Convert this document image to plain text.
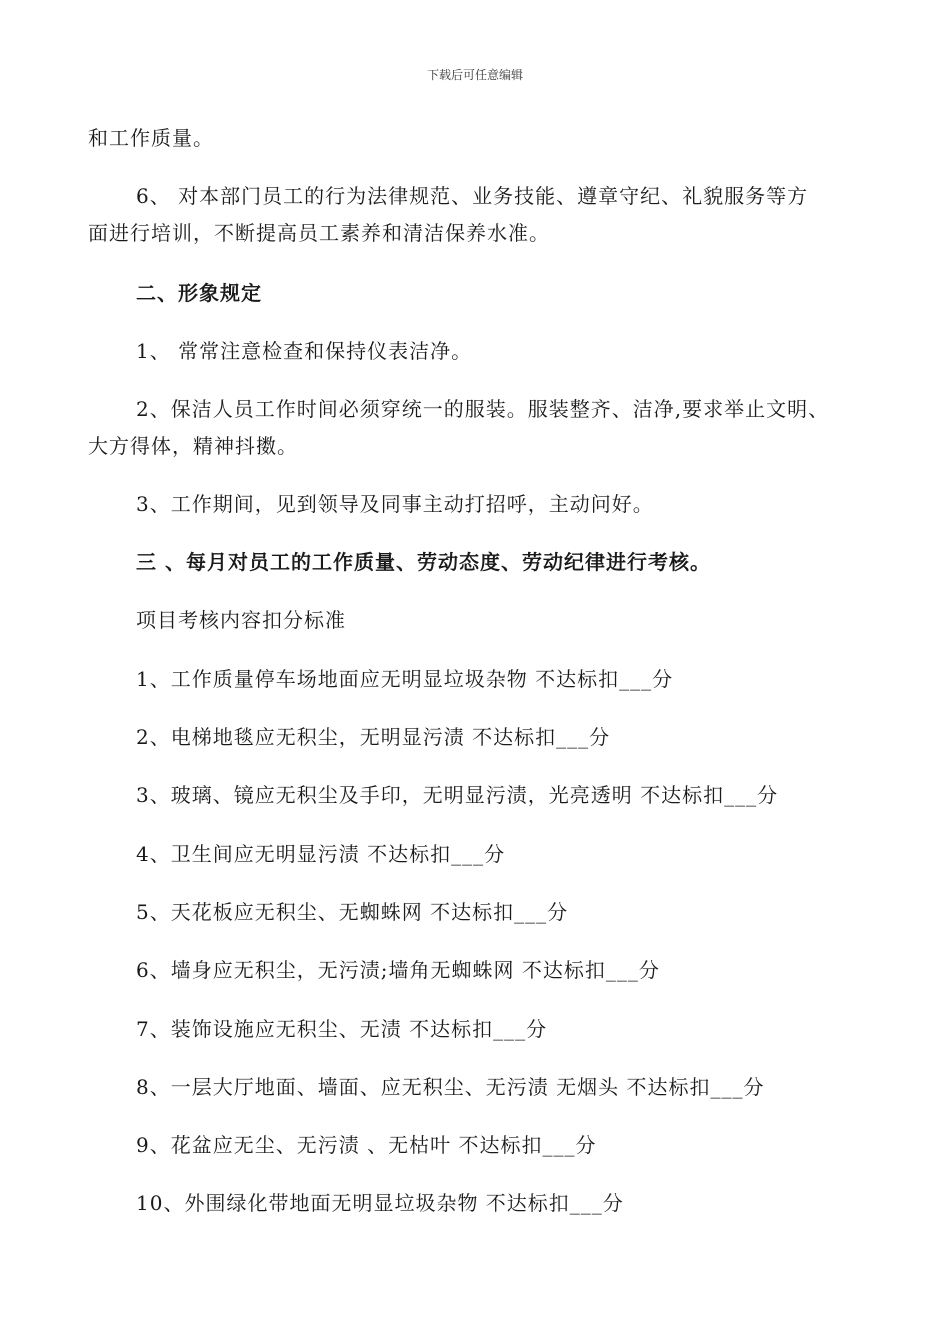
下载后可任意编辑
和工作质量。
6、 对本部门员工的行为法律规范、业务技能、遵章守纪、礼貌服务等方
面进行培训，不断提高员工素养和清洁保养水准。
二、形象规定
1、 常常注意检查和保持仪表洁净。
2、保洁人员工作时间必须穿统一的服装。服装整齐、洁净,要求举止文明、
大方得体，精神抖擞。
3、工作期间，见到领导及同事主动打招呼，主动问好。
三 、每月对员工的工作质量、劳动态度、劳动纪律进行考核。
项目考核内容扣分标准
1、工作质量停车场地面应无明显垃圾杂物 不达标扣___分
2、电梯地毯应无积尘，无明显污渍 不达标扣___分
3、玻璃、镜应无积尘及手印，无明显污渍，光亮透明 不达标扣___分
4、卫生间应无明显污渍 不达标扣___分
5、天花板应无积尘、无蜘蛛网 不达标扣___分
6、墙身应无积尘，无污渍;墙角无蜘蛛网 不达标扣___分
7、装饰设施应无积尘、无渍 不达标扣___分
8、一层大厅地面、墙面、应无积尘、无污渍 无烟头 不达标扣___分
9、花盆应无尘、无污渍 、无枯叶 不达标扣___分
10、外围绿化带地面无明显垃圾杂物 不达标扣___分
